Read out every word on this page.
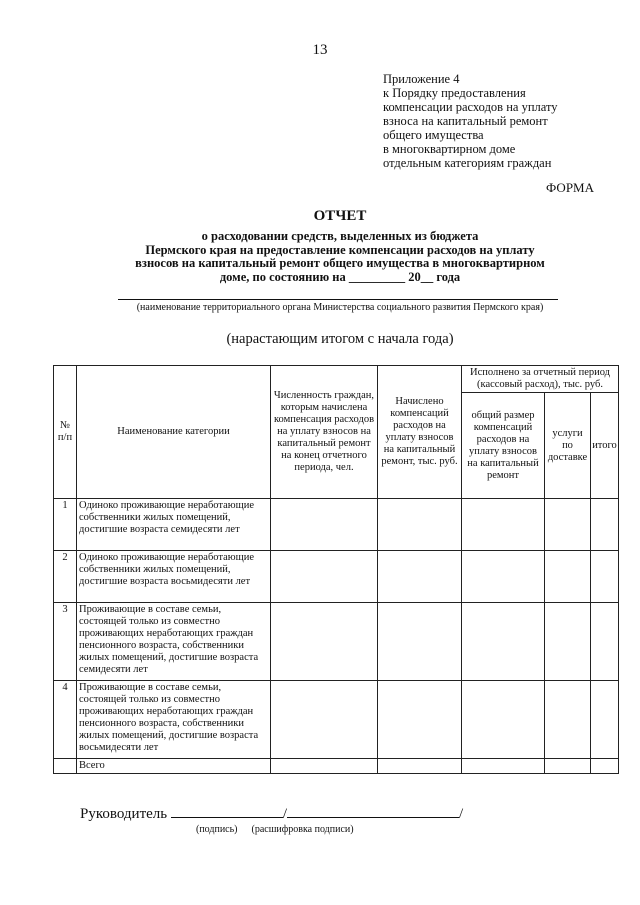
13
Приложение 4
к Порядку предоставления
компенсации расходов на уплату
взноса на капитальный ремонт
общего имущества
в многоквартирном доме
отдельным категориям граждан
ФОРМА
ОТЧЕТ
о расходовании средств, выделенных из бюджета
Пермского края на предоставление компенсации расходов на уплату
взносов на капитальный ремонт общего имущества в многоквартирном
доме, по состоянию на _________ 20__ года
(наименование территориального органа Министерства социального развития Пермского края)
(нарастающим итогом с начала года)
№ п/п	Наименование категории	Численность граждан, которым начислена компенсация расходов на уплату взносов на капитальный ремонт на конец отчетного периода, чел.	Начислено компенсаций расходов на уплату взносов на капитальный ремонт, тыс. руб.	Исполнено за отчетный период (кассовый расход), тыс. руб.		
				общий размер компенсаций расходов на уплату взносов на капитальный ремонт	услуги по доставке	итого
1	Одиноко проживающие неработающие собственники жилых помещений, достигшие возраста семидесяти лет					
2	Одиноко проживающие неработающие собственники жилых помещений, достигшие возраста восьмидесяти лет					
3	Проживающие в составе семьи, состоящей только из совместно проживающих неработающих граждан пенсионного возраста, собственники жилых помещений, достигшие возраста семидесяти лет					
4	Проживающие в составе семьи, состоящей только из совместно проживающих неработающих граждан пенсионного возраста, собственники жилых помещений, достигшие возраста восьмидесяти лет					
	Всего					
Руководитель	/	/
(подпись) (расшифровка подписи)
